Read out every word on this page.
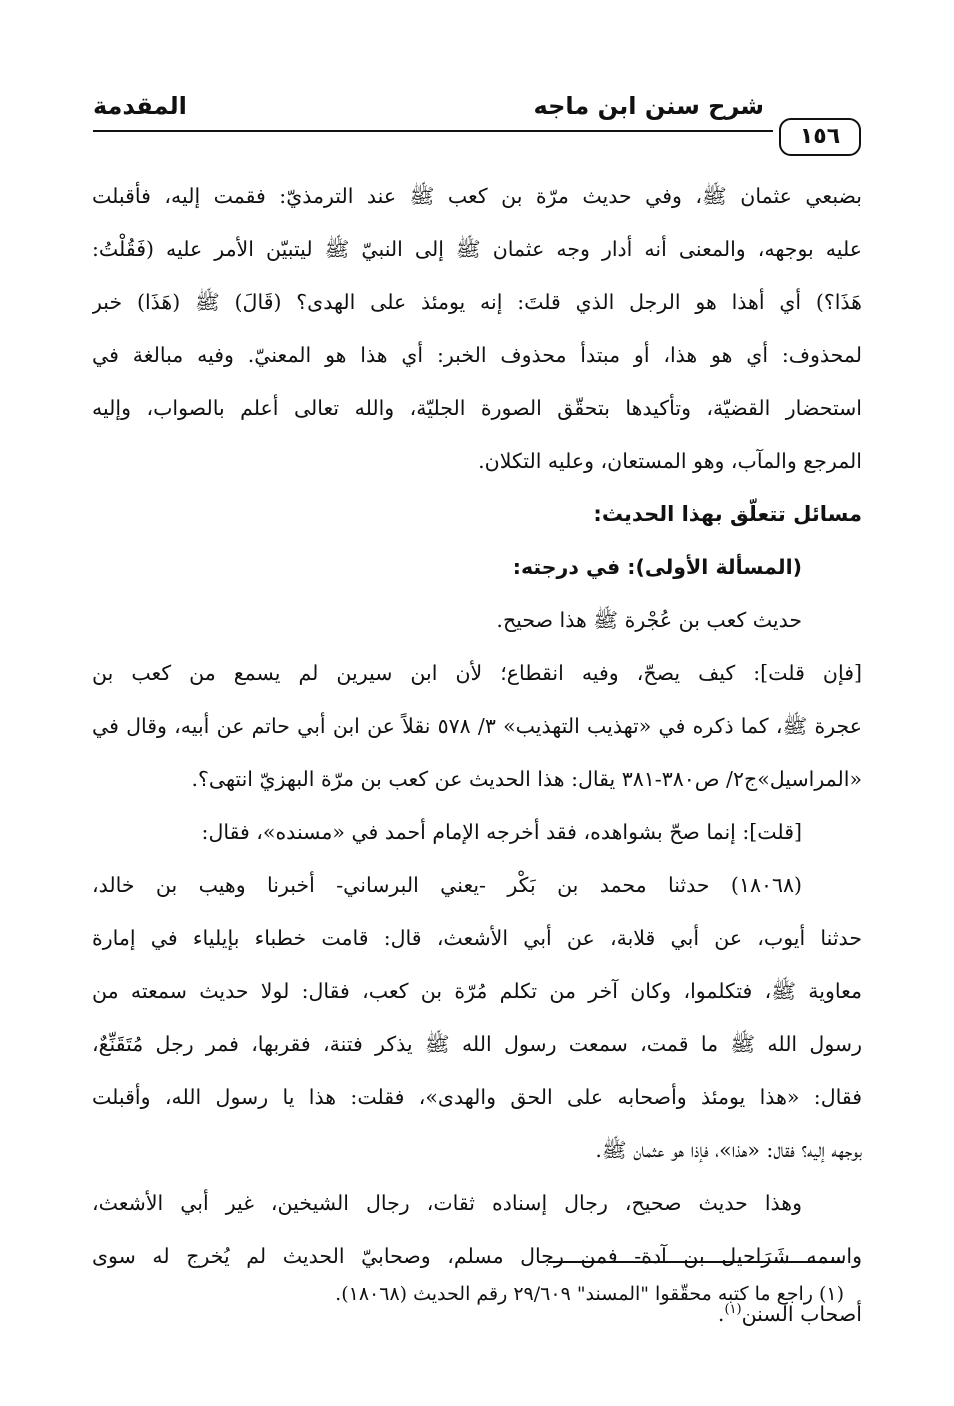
شرح سنن ابن ماجه
المقدمة
١٥٦
بضبعي عثمان ﷺ، وفي حديث مرّة بن كعب ﷺ عند الترمذيّ: فقمت إليه، فأقبلت
عليه بوجهه، والمعنى أنه أدار وجه عثمان ﷺ إلى النبيّ ﷺ ليتبيّن الأمر عليه (فَقُلْتُ:
هَذَا؟) أي أهذا هو الرجل الذي قلتَ: إنه يومئذ على الهدى؟ (قَالَ) ﷺ (هَذَا) خبر
لمحذوف: أي هو هذا، أو مبتدأ محذوف الخبر: أي هذا هو المعنيّ. وفيه مبالغة في
استحضار القضيّة، وتأكيدها بتحقّق الصورة الجليّة، والله تعالى أعلم بالصواب، وإليه
المرجع والمآب، وهو المستعان، وعليه التكلان.
مسائل تتعلّق بهذا الحديث:
(المسألة الأولى): في درجته:
حديث كعب بن عُجْرة ﷺ هذا صحيح.
[فإن قلت]: كيف يصحّ، وفيه انقطاع؛ لأن ابن سيرين لم يسمع من كعب بن
عجرة ﷺ، كما ذكره في «تهذيب التهذيب» ٣/ ٥٧٨ نقلاً عن ابن أبي حاتم عن أبيه، وقال في
«المراسيل»ج٢/ ص٣٨٠-٣٨١ يقال: هذا الحديث عن كعب بن مرّة البهزيّ انتهى؟.
[قلت]: إنما صحّ بشواهده، فقد أخرجه الإمام أحمد في «مسنده»، فقال:
(١٨٠٦٨) حدثنا محمد بن بَكْر -يعني البرساني- أخبرنا وهيب بن خالد،
حدثنا أيوب، عن أبي قلابة، عن أبي الأشعث، قال: قامت خطباء بإيلياء في إمارة
معاوية ﷺ، فتكلموا، وكان آخر من تكلم مُرّة بن كعب، فقال: لولا حديث سمعته من
رسول الله ﷺ ما قمت، سمعت رسول الله ﷺ يذكر فتنة، فقربها، فمر رجل مُتَقَنِّعٌ،
فقال: «هذا يومئذ وأصحابه على الحق والهدى»، فقلت: هذا يا رسول الله، وأقبلت
بوجهه إليه؟ فقال: «هذا»، فإذا هو عثمان ﷺ.
وهذا حديث صحيح، رجال إسناده ثقات، رجال الشيخين، غير أبي الأشعث،
واسمه شَرَاحيل بن آدة- فمن رجال مسلم، وصحابيّ الحديث لم يُخرج له سوى
أصحاب السنن$^{(١)}$.
(١) راجع ما كتبه محقّقوا "المسند" ٢٩/٦٠٩ رقم الحديث (١٨٠٦٨).
